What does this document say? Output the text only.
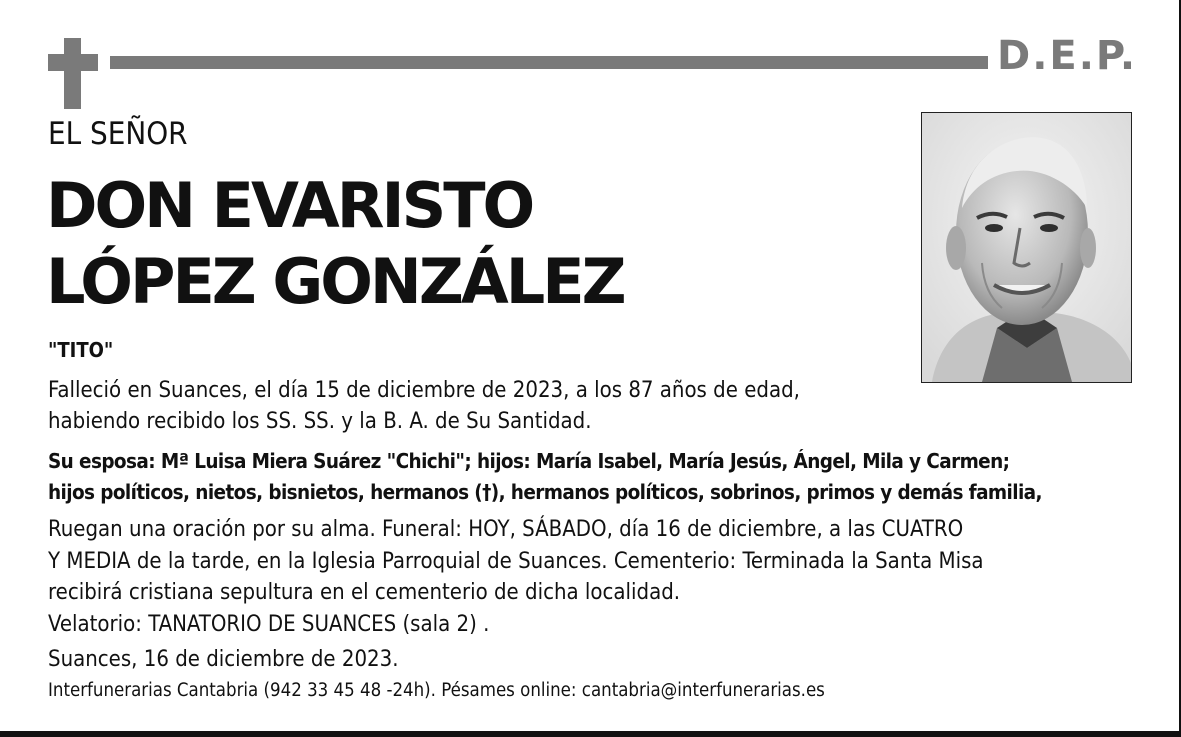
D.E.P.
EL SEÑOR
DON EVARISTO
LÓPEZ GONZÁLEZ
"TITO"
Falleció en Suances, el día 15 de diciembre de 2023, a los 87 años de edad,
habiendo recibido los SS. SS. y la B. A. de Su Santidad.
Su esposa: Mª Luisa Miera Suárez "Chichi"; hijos: María Isabel, María Jesús, Ángel, Mila y Carmen;
hijos políticos, nietos, bisnietos, hermanos (†), hermanos políticos, sobrinos, primos y demás familia,
Ruegan una oración por su alma. Funeral: HOY, SÁBADO, día 16 de diciembre, a las CUATRO
Y MEDIA de la tarde, en la Iglesia Parroquial de Suances. Cementerio: Terminada la Santa Misa
recibirá cristiana sepultura en el cementerio de dicha localidad.
Velatorio: TANATORIO DE SUANCES (sala 2) .
Suances, 16 de diciembre de 2023.
Interfunerarias Cantabria (942 33 45 48 -24h). Pésames online: cantabria@interfunerarias.es
